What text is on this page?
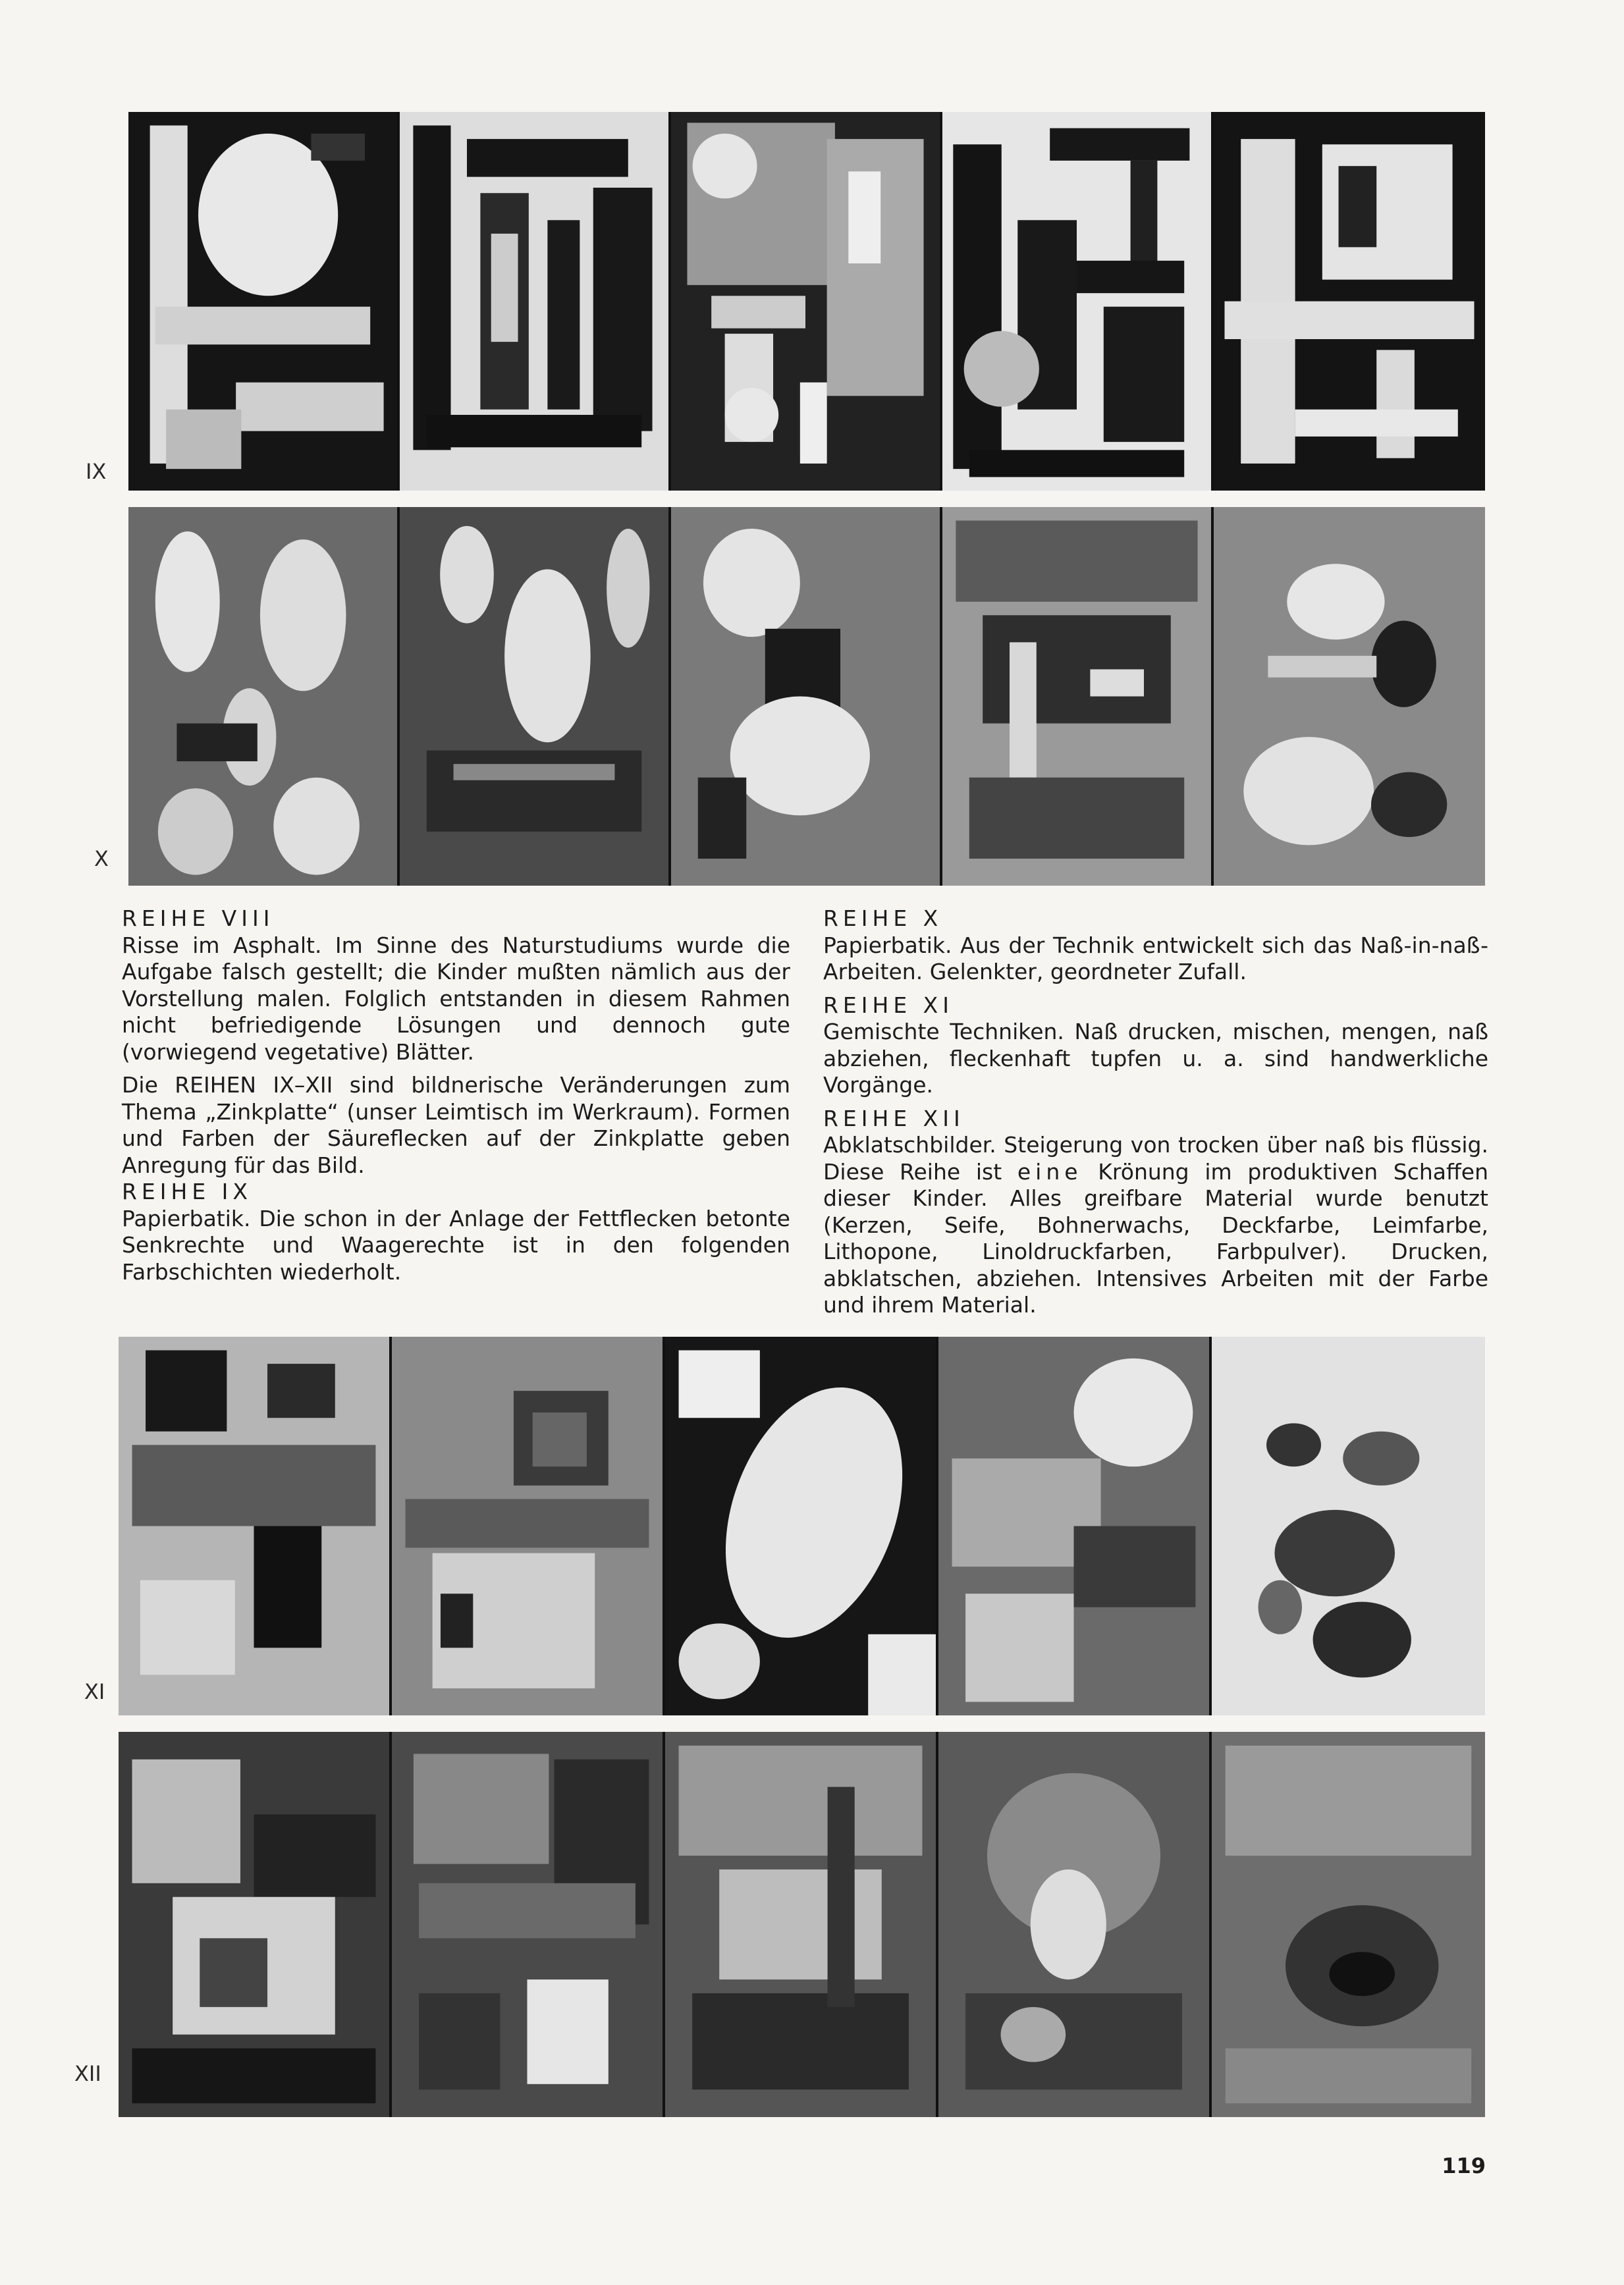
IX
X
XI
XII

REIHE VIII

Risse im Asphalt. Im Sinne des Naturstudiums wurde die Aufgabe falsch gestellt; die Kinder mußten nämlich aus der Vorstellung malen. Folglich entstanden in diesem Rahmen nicht befriedigende Lösungen und dennoch gute (vorwiegend vegetative) Blätter.

Die REIHEN IX–XII sind bildnerische Veränderungen zum Thema „Zinkplatte“ (unser Leimtisch im Werkraum). Formen und Farben der Säureflecken auf der Zinkplatte geben Anregung für das Bild.

REIHE IX

Papierbatik. Die schon in der Anlage der Fettflecken betonte Senkrechte und Waagerechte ist in den folgenden Farbschichten wiederholt.

REIHE X

Papierbatik. Aus der Technik entwickelt sich das Naß-in-naß-Arbeiten. Gelenkter, geordneter Zufall.

REIHE XI

Gemischte Techniken. Naß drucken, mischen, mengen, naß abziehen, fleckenhaft tupfen u. a. sind handwerkliche Vorgänge.

REIHE XII

Abklatschbilder. Steigerung von trocken über naß bis flüssig. Diese Reihe ist eine Krönung im produktiven Schaffen dieser Kinder. Alles greifbare Material wurde benutzt (Kerzen, Seife, Bohnerwachs, Deckfarbe, Leimfarbe, Lithopone, Linoldruckfarben, Farbpulver). Drucken, abklatschen, abziehen. Intensives Arbeiten mit der Farbe und ihrem Material.

119
